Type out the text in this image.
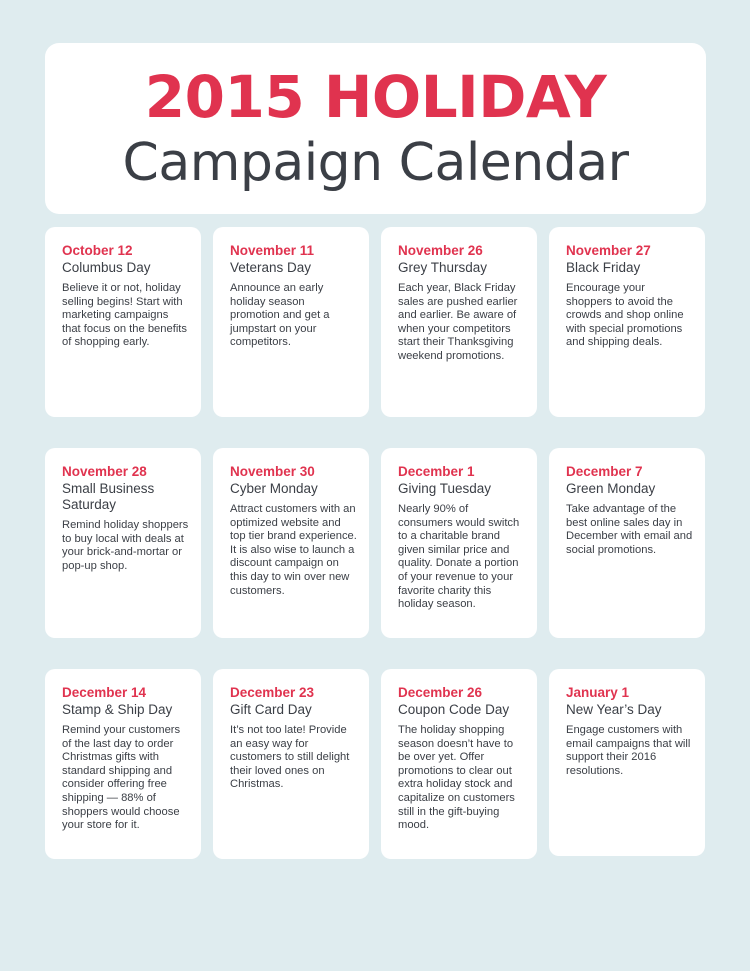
2015 HOLIDAY
Campaign Calendar
October 12
Columbus Day
Believe it or not, holiday selling begins! Start with marketing campaigns that focus on the benefits of shopping early.
November 11
Veterans Day
Announce an early holiday season promotion and get a jumpstart on your competitors.
November 26
Grey Thursday
Each year, Black Friday sales are pushed earlier and earlier. Be aware of when your competitors start their Thanksgiving weekend promotions.
November 27
Black Friday
Encourage your shoppers to avoid the crowds and shop online with special promotions and shipping deals.
November 28
Small Business Saturday
Remind holiday shoppers to buy local with deals at your brick-and-mortar or pop-up shop.
November 30
Cyber Monday
Attract customers with an optimized website and top tier brand experience. It is also wise to launch a discount campaign on this day to win over new customers.
December 1
Giving Tuesday
Nearly 90% of consumers would switch to a charitable brand given similar price and quality. Donate a portion of your revenue to your favorite charity this holiday season.
December 7
Green Monday
Take advantage of the best online sales day in December with email and social promotions.
December 14
Stamp & Ship Day
Remind your customers of the last day to order Christmas gifts with standard shipping and consider offering free shipping — 88% of shoppers would choose your store for it.
December 23
Gift Card Day
It’s not too late! Provide an easy way for customers to still delight their loved ones on Christmas.
December 26
Coupon Code Day
The holiday shopping season doesn’t have to be over yet. Offer promotions to clear out extra holiday stock and capitalize on customers still in the gift-buying mood.
January 1
New Year’s Day
Engage customers with email campaigns that will support their 2016 resolutions.
